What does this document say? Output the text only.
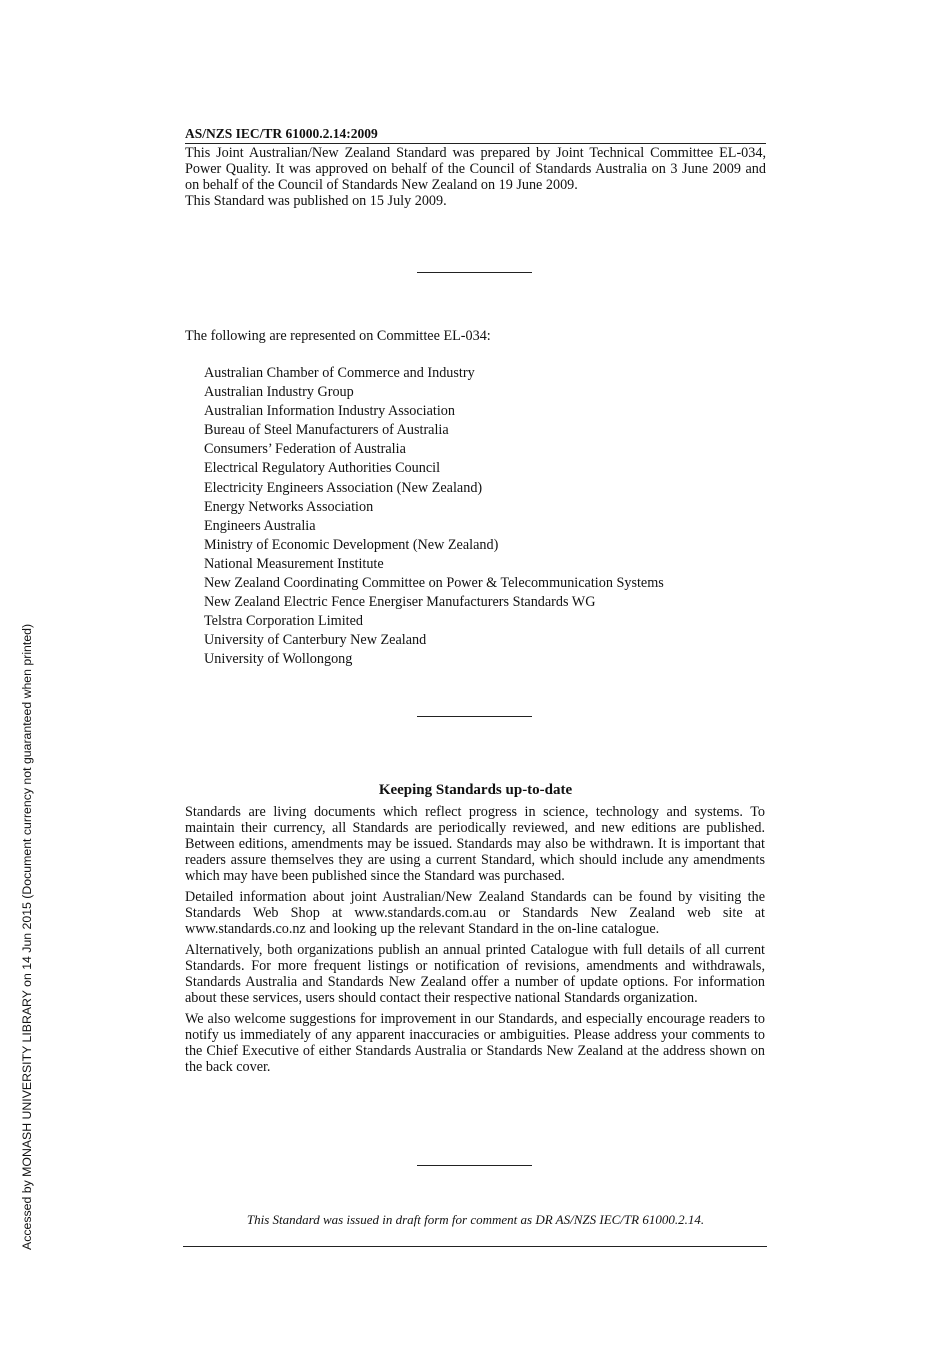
AS/NZS IEC/TR 61000.2.14:2009

This Joint Australian/New Zealand Standard was prepared by Joint Technical Committee EL-034, Power Quality. It was approved on behalf of the Council of Standards Australia on 3 June 2009 and on behalf of the Council of Standards New Zealand on 19 June 2009.

This Standard was published on 15 July 2009.

The following are represented on Committee EL-034:
Australian Chamber of Commerce and Industry
Australian Industry Group
Australian Information Industry Association
Bureau of Steel Manufacturers of Australia
Consumers’ Federation of Australia
Electrical Regulatory Authorities Council
Electricity Engineers Association (New Zealand)
Energy Networks Association
Engineers Australia
Ministry of Economic Development (New Zealand)
National Measurement Institute
New Zealand Coordinating Committee on Power & Telecommunication Systems
New Zealand Electric Fence Energiser Manufacturers Standards WG
Telstra Corporation Limited
University of Canterbury New Zealand
University of Wollongong
Keeping Standards up-to-date

Standards are living documents which reflect progress in science, technology and systems. To maintain their currency, all Standards are periodically reviewed, and new editions are published. Between editions, amendments may be issued. Standards may also be withdrawn. It is important that readers assure themselves they are using a current Standard, which should include any amendments which may have been published since the Standard was purchased.

Detailed information about joint Australian/New Zealand Standards can be found by visiting the Standards Web Shop at www.standards.com.au or Standards New Zealand web site at www.standards.co.nz and looking up the relevant Standard in the on-line catalogue.

Alternatively, both organizations publish an annual printed Catalogue with full details of all current Standards. For more frequent listings or notification of revisions, amendments and withdrawals, Standards Australia and Standards New Zealand offer a number of update options. For information about these services, users should contact their respective national Standards organization.

We also welcome suggestions for improvement in our Standards, and especially encourage readers to notify us immediately of any apparent inaccuracies or ambiguities. Please address your comments to the Chief Executive of either Standards Australia or Standards New Zealand at the address shown on the back cover.

This Standard was issued in draft form for comment as DR AS/NZS IEC/TR 61000.2.14.
Accessed by MONASH UNIVERSITY LIBRARY on 14 Jun 2015 (Document currency not guaranteed when printed)
